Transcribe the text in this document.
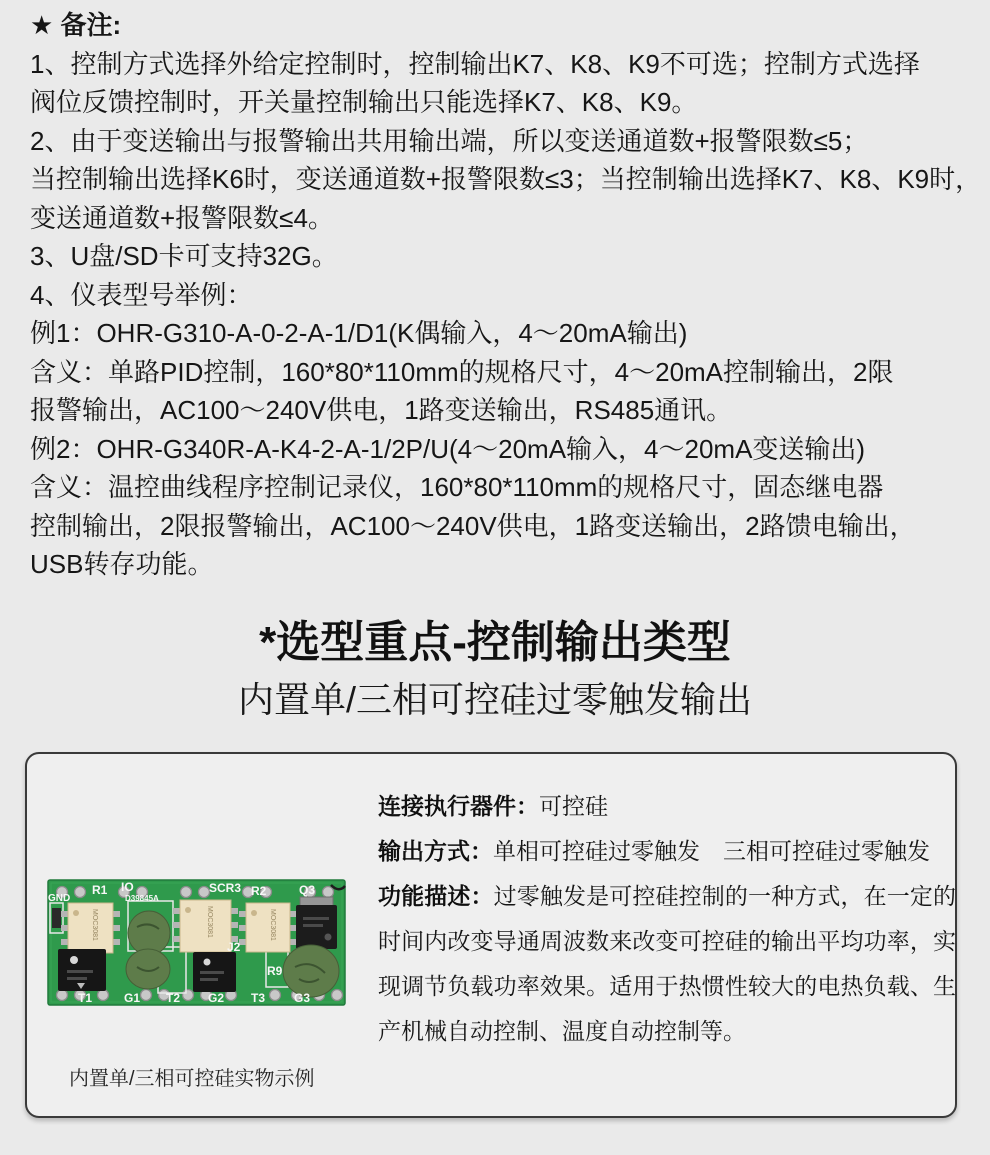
★ 备注:
1、控制方式选择外给定控制时，控制输出K7、K8、K9不可选；控制方式选择
阀位反馈控制时，开关量控制输出只能选择K7、K8、K9。
2、由于变送输出与报警输出共用输出端，所以变送通道数+报警限数≤5；
当控制输出选择K6时，变送通道数+报警限数≤3；当控制输出选择K7、K8、K9时，
变送通道数+报警限数≤4。
3、U盘/SD卡可支持32G。
4、仪表型号举例：
例1：OHR-G310-A-0-2-A-1/D1(K偶输入，4～20mA输出)
含义：单路PID控制，160*80*110mm的规格尺寸，4～20mA控制输出，2限
报警输出，AC100～240V供电，1路变送输出，RS485通讯。
例2：OHR-G340R-A-K4-2-A-1/2P/U(4～20mA输入，4～20mA变送输出)
含义：温控曲线程序控制记录仪，160*80*110mm的规格尺寸，固态继电器
控制输出，2限报警输出，AC100～240V供电，1路变送输出，2路馈电输出，
USB转存功能。
*选型重点-控制输出类型
内置单/三相可控硅过零触发输出
MOC3081	MOC3081	MOC3081
GND
R1 IO
D39845A
SCR3 R2	Q3
J2
R9
T1	G1 T2 G2 T3 G3
内置单/三相可控硅实物示例
连接执行器件：可控硅
输出方式：单相可控硅过零触发　三相可控硅过零触发

功能描述：过零触发是可控硅控制的一种方式，在一定的时间内改变导通周波数来改变可控硅的输出平均功率，实现调节负载功率效果。适用于热惯性较大的电热负载、生产机械自动控制、温度自动控制等。
